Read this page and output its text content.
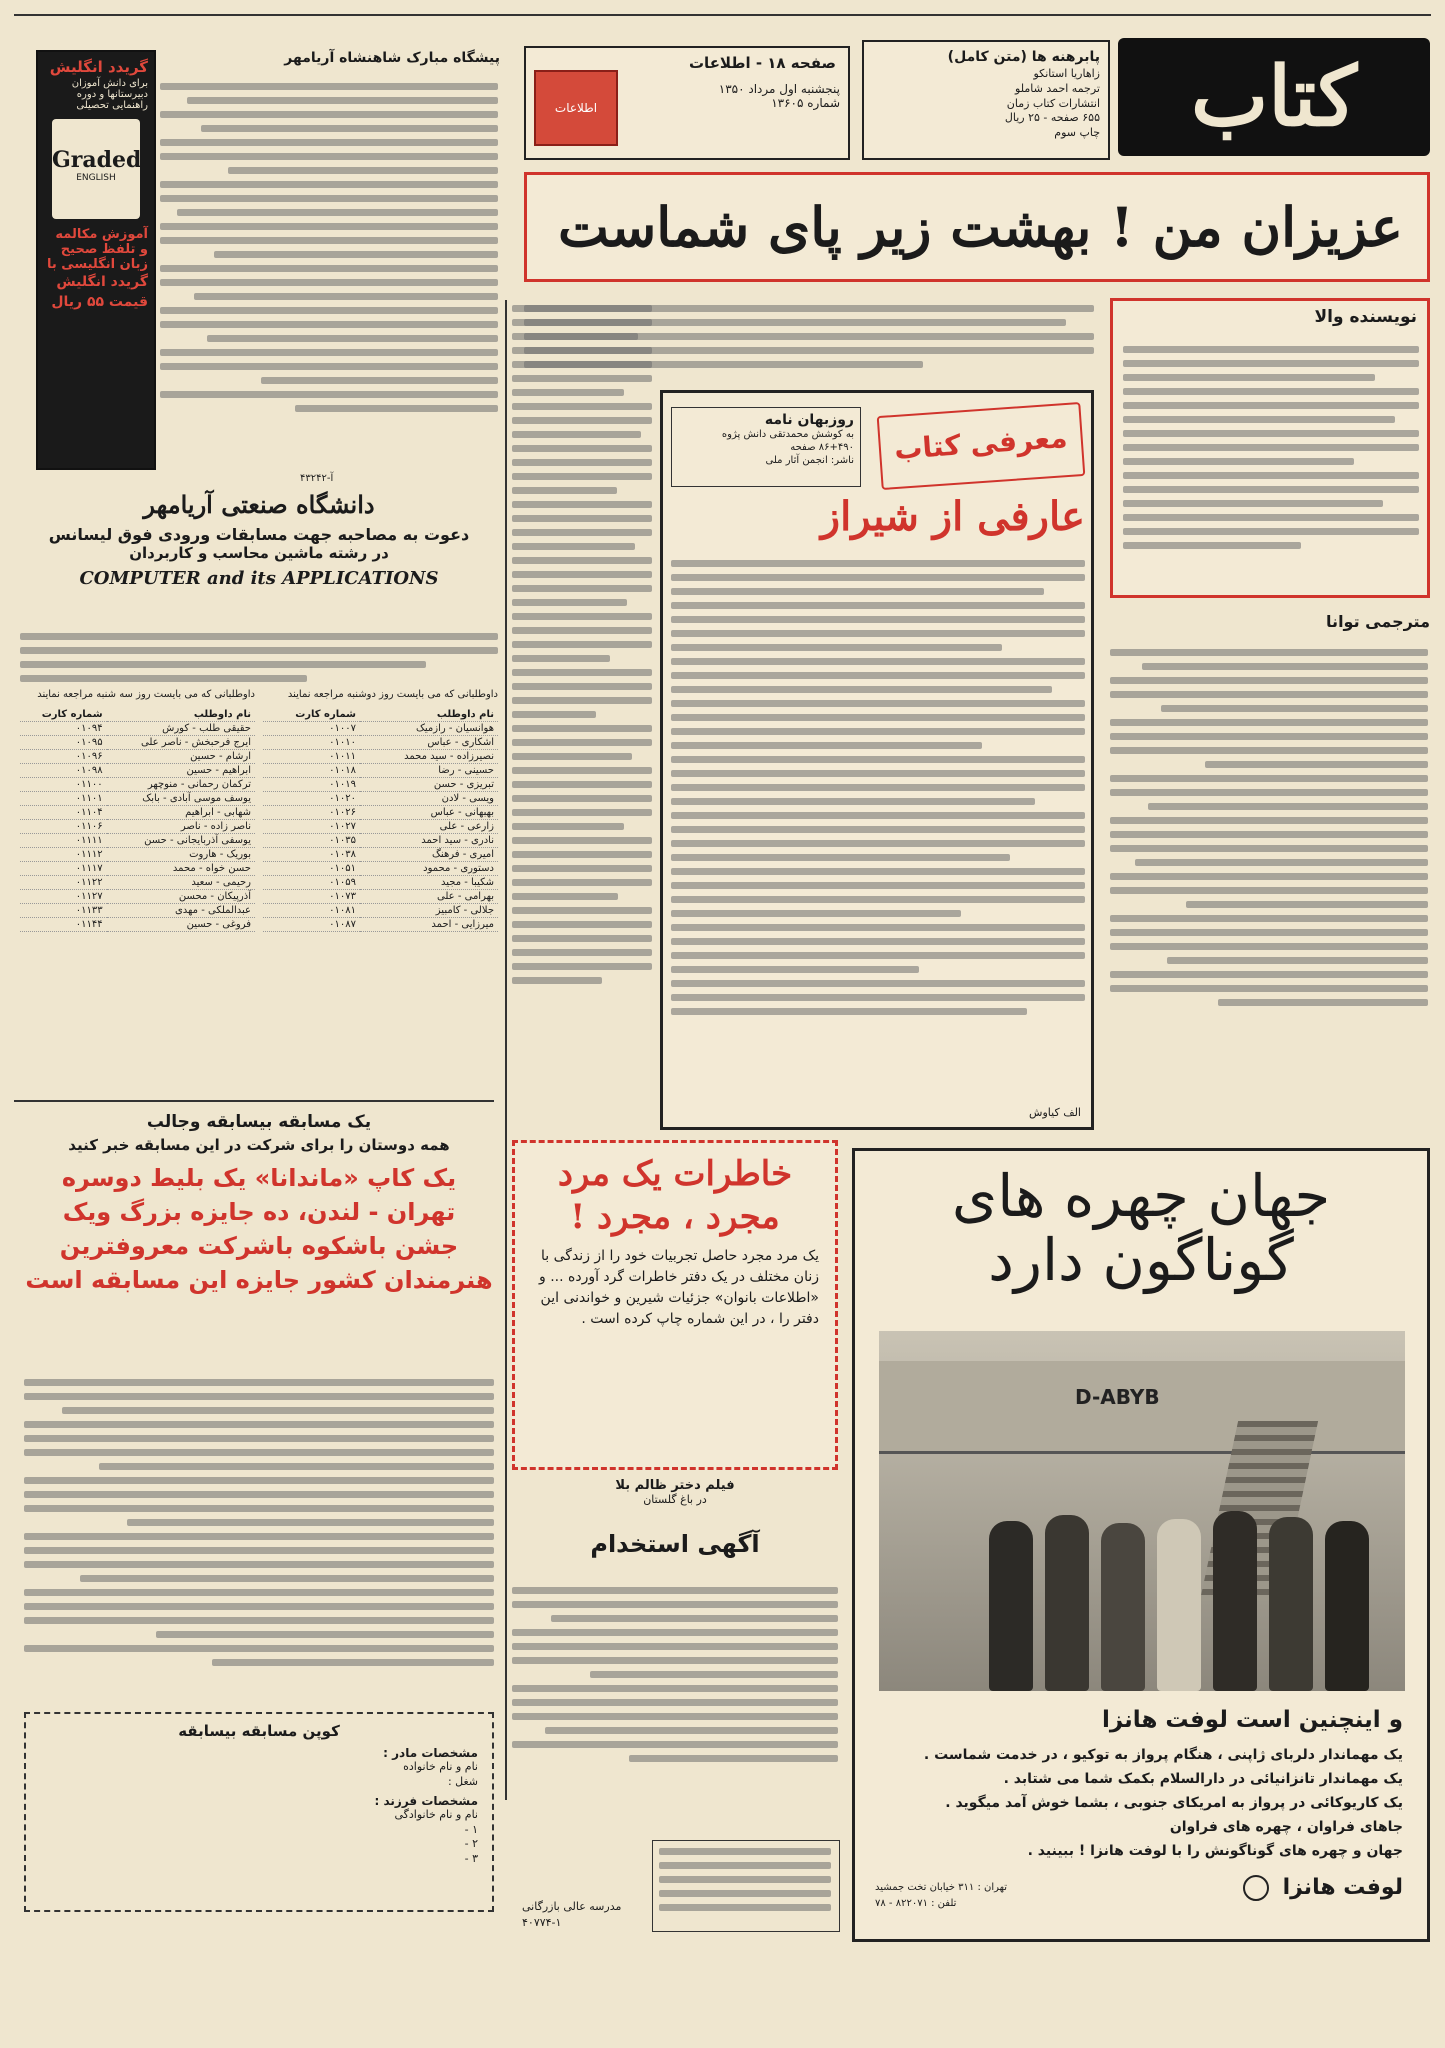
کتاب
پابرهنه ها (متن کامل)
زاهاریا استانکو
ترجمه احمد شاملو
انتشارات کتاب زمان
۶۵۵ صفحه - ۲۵ ریال
چاپ سوم
اطلاعات
صفحه ۱۸ - اطلاعات
پنجشنبه اول مرداد ۱۳۵۰
شماره ۱۳۶۰۵
پیشگاه مبارک شاهنشاه آریامهر
آ-۴۳۲۴۲
گریدد انگلیش
برای دانش آموزان دبیرستانها و دوره راهنمایی تحصیلی
Graded
ENGLISH
آموزش مکالمه و تلفظ صحیح زبان انگلیسی با
گریدد انگلیش
قیمت ۵۵ ریال
عزیزان من ! بهشت زیر پای شماست
نویسنده والا
مترجمی توانا
روزبهان نامه
به کوشش محمدتقی دانش پژوه
۸۶+۴۹۰ صفحه
ناشر: انجمن آثار ملی	معرفی کتاب
عارفی از شیراز
الف کیاوش
دانشگاه صنعتی آریامهر
دعوت به مصاحبه جهت مسابقات ورودی فوق لیسانس
در رشته ماشین محاسب و کاربردان
COMPUTER and its APPLICATIONS
داوطلبانی که می بایست روز سه شنبه مراجعه نمایند	داوطلبانی که می بایست روز دوشنبه مراجعه نمایند
نام داوطلب	شماره کارت
حقیقی طلب - کورش	۰۱۰۹۴
ایرج فرحبخش - ناصر علی	۰۱۰۹۵
ارشام - حسین	۰۱۰۹۶
ابراهیم - حسین	۰۱۰۹۸
ترکمان رحمانی - منوچهر	۰۱۱۰۰
یوسف موسی آبادی - بابک	۰۱۱۰۱
شهابی - ابراهیم	۰۱۱۰۴
ناصر زاده - ناصر	۰۱۱۰۶
یوسفی آذربایجانی - حسن	۰۱۱۱۱
بوریک - هاروت	۰۱۱۱۲
حسن خواه - محمد	۰۱۱۱۷
رحیمی - سعید	۰۱۱۲۲
آذرپیکان - محسن	۰۱۱۲۷
عبدالملکی - مهدی	۰۱۱۳۳
فروغی - حسین	۰۱۱۴۴
نام داوطلب	شماره کارت
هوانسیان - رازمیک	۰۱۰۰۷
اشکاری - عباس	۰۱۰۱۰
نصیرزاده - سید محمد	۰۱۰۱۱
حسینی - رضا	۰۱۰۱۸
تبریزی - حسن	۰۱۰۱۹
ویسی - لادن	۰۱۰۲۰
بهبهانی - عباس	۰۱۰۲۶
زارعی - علی	۰۱۰۲۷
نادری - سید احمد	۰۱۰۳۵
امیری - فرهنگ	۰۱۰۳۸
دستوری - محمود	۰۱۰۵۱
شکیبا - مجید	۰۱۰۵۹
بهرامی - علی	۰۱۰۷۳
جلالی - کامبیز	۰۱۰۸۱
میرزایی - احمد	۰۱۰۸۷
یک مسابقه بیسابقه وجالب
همه دوستان را برای شرکت در این مسابقه خبر کنید
یک کاپ «ماندانا» یک بلیط دوسره
تهران - لندن، ده جایزه بزرگ ویک
جشن باشکوه باشرکت معروفترین
هنرمندان کشور جایزه این مسابقه است
کوپن مسابقه بیسابقه
مشخصات مادر :
نام و نام خانواده
شغل :
مشخصات فرزند :
نام و نام خانوادگی
۱ -
۲ -
۳ -
خاطرات یک مرد مجرد ، مجرد !
یک مرد مجرد حاصل تجربیات خود را از زندگی با زنان مختلف در یک دفتر خاطرات گرد آورده ... و «اطلاعات بانوان» جزئیات شیرین و خواندنی این دفتر را ، در این شماره چاپ کرده است .
فیلم دختر ظالم بلا
در باغ گلستان
آگهی استخدام
مدرسه عالی بازرگانی
۴۰۷۷۴-۱
جهان چهره های
گوناگون دارد
D-ABYB
و اینچنین است لوفت هانزا
یک مهماندار دلربای ژاپنی ، هنگام پرواز به توکیو ، در خدمت شماست .
یک مهماندار تانزانیائی در دارالسلام بکمک شما می شتابد .
یک کاریوکائی در پرواز به امریکای جنوبی ، بشما خوش آمد میگوید .
جاهای فراوان ، چهره های فراوان
جهان و چهره های گوناگونش را با لوفت هانزا ! ببینید .
لوفت هانزا
تهران : ۳۱۱ خیابان تخت جمشید
تلفن : ۸۲۲۰۷۱ - ۷۸
